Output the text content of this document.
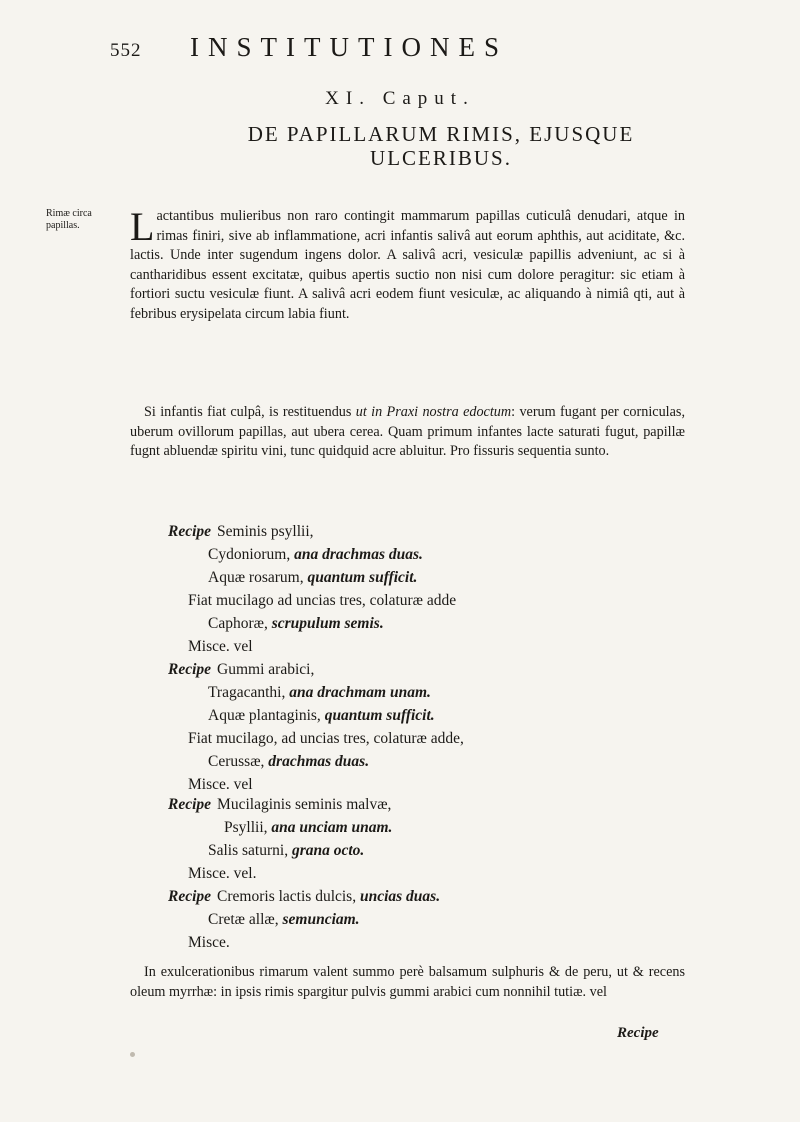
552 INSTITUTIONES
XI. Caput.
DE PAPILLARUM RIMIS, EJUSQUE ULCERIBUS.
Rimæ circa papillas.	Lactantibus mulieribus non raro contingit mammarum papillas cuticulâ denudari, atque in rimas finiri, sive ab inflammatione, acri infantis salivâ aut eorum aphthis, aut aciditate, &c. lactis. Unde inter sugendum ingens dolor. A salivâ acri, vesiculæ papillis adveniunt, ac si à cantharidibus essent excitatæ, quibus apertis suctio non nisi cum dolore peragitur: sic etiam à fortiori suctu vesiculæ fiunt. A salivâ acri eodem fiunt vesiculæ, ac aliquando à nimiâ qti, aut à febribus erysipelata circum labia fiunt.
Si infantis fiat culpâ, is restituendus ut in Praxi nostra edoctum: verum fugant per corniculas, uberum ovillorum papillas, aut ubera cerea. Quam primum infantes lacte saturati fugut, papillæ fugnt abluendæ spiritu vini, tunc quidquid acre abluitur. Pro fissuris sequentia sunto.
Recipe Seminis psyllii,
Cydoniorum, ana drachmas duas.
Aquæ rosarum, quantum sufficit.
Fiat mucilago ad uncias tres, colaturæ adde
Caphoræ, scrupulum semis.
Misce. vel
Recipe Gummi arabici,
Tragacanthi, ana drachmam unam.
Aquæ plantaginis, quantum sufficit.
Fiat mucilago, ad uncias tres, colaturæ adde,
Cerussæ, drachmas duas.
Misce. vel
Recipe Mucilaginis seminis malvæ,
Psyllii, ana unciam unam.
Salis saturni, grana octo.
Misce. vel.
Recipe Cremoris lactis dulcis, uncias duas.
Cretæ allæ, semunciam.
Misce.
In exulcerationibus rimarum valent summo perè balsamum sulphuris & de peru, ut & recens oleum myrrhæ: in ipsis rimis spargitur pulvis gummi arabici cum nonnihil tutiæ. vel
Recipe
